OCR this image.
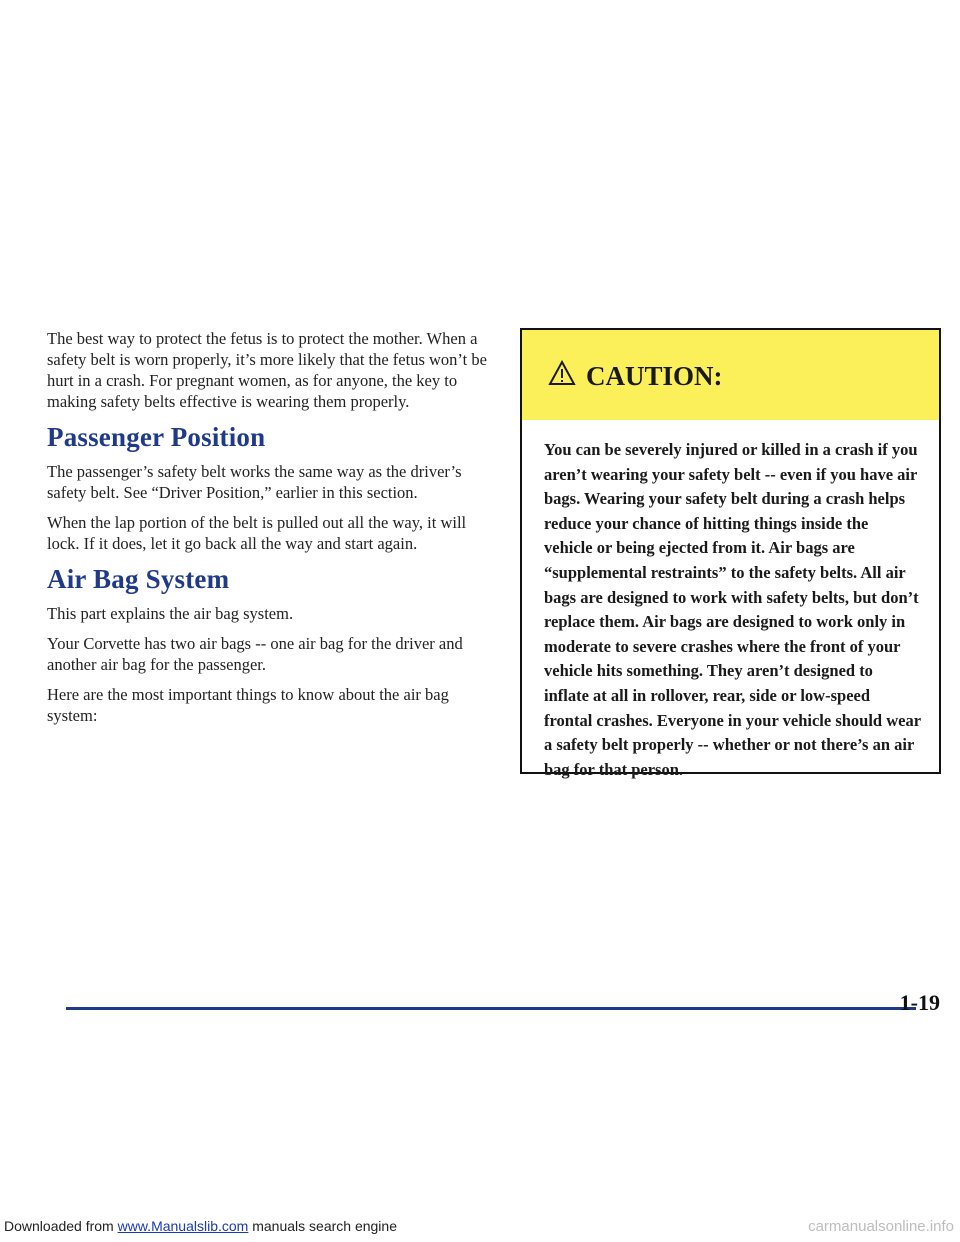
The best way to protect the fetus is to protect the mother. When a safety belt is worn properly, it’s more likely that the fetus won’t be hurt in a crash. For pregnant women, as for anyone, the key to making safety belts effective is wearing them properly.

Passenger Position

The passenger’s safety belt works the same way as the driver’s safety belt. See “Driver Position,” earlier in this section.

When the lap portion of the belt is pulled out all the way, it will lock. If it does, let it go back all the way and start again.

Air Bag System

This part explains the air bag system.

Your Corvette has two air bags -- one air bag for the driver and another air bag for the passenger.

Here are the most important things to know about the air bag system:

CAUTION:
You can be severely injured or killed in a crash if you aren’t wearing your safety belt -- even if you have air bags. Wearing your safety belt during a crash helps reduce your chance of hitting things inside the vehicle or being ejected from it. Air bags are “supplemental restraints” to the safety belts. All air bags are designed to work with safety belts, but don’t replace them. Air bags are designed to work only in moderate to severe crashes where the front of your vehicle hits something. They aren’t designed to inflate at all in rollover, rear, side or low-speed frontal crashes. Everyone in your vehicle should wear a safety belt properly -- whether or not there’s an air bag for that person.
1-19
Downloaded from www.Manualslib.com manuals search engine	carmanualsonline.info
